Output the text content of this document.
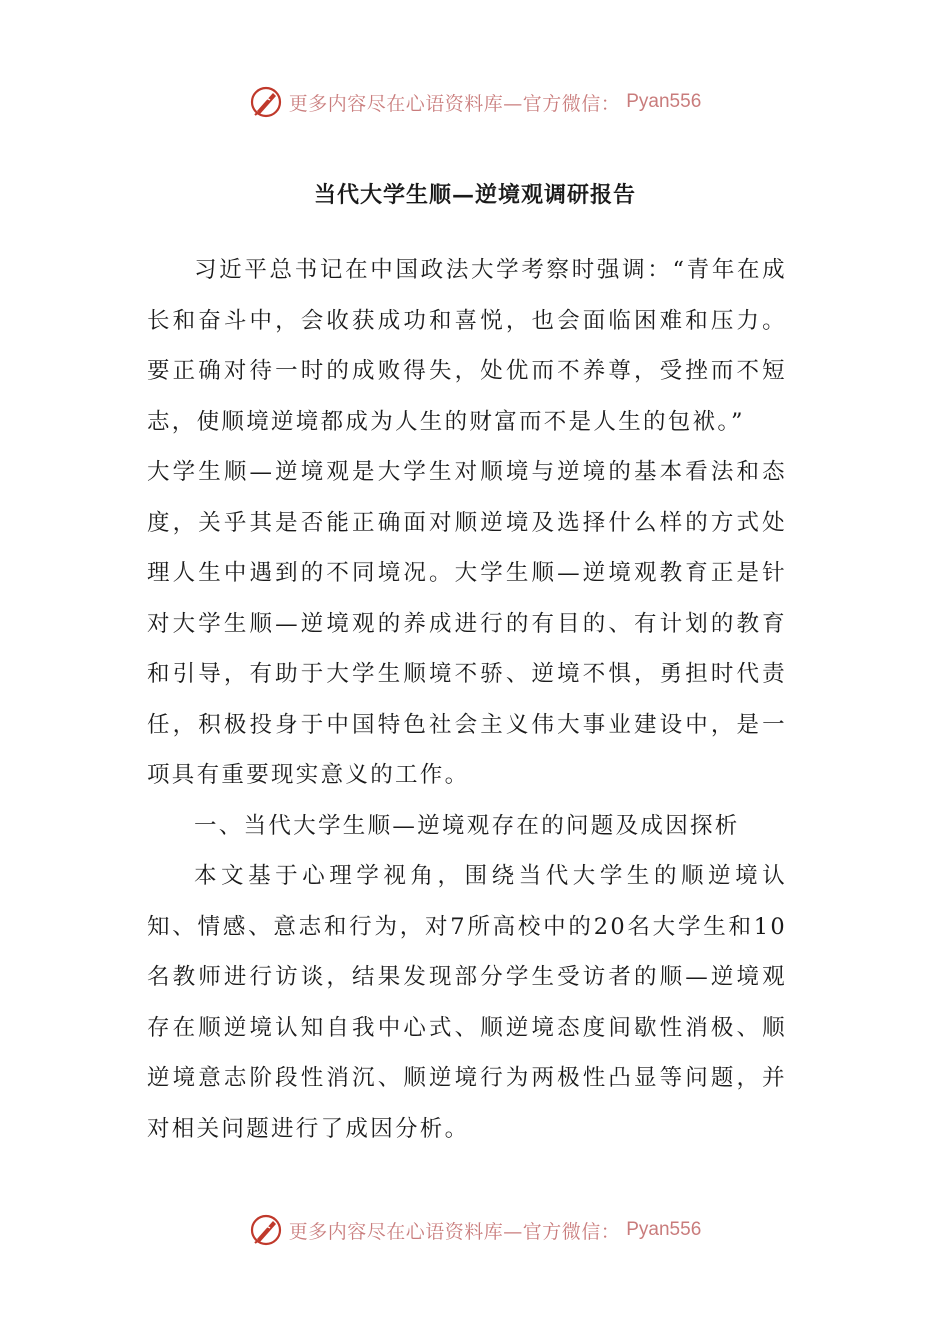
更多内容尽在心语资料库—官方微信： Pyan556
当代大学生顺—逆境观调研报告

习近平总书记在中国政法大学考察时强调：“青年在成长和奋斗中，会收获成功和喜悦，也会面临困难和压力。要正确对待一时的成败得失，处优而不养尊，受挫而不短志，使顺境逆境都成为人生的财富而不是人生的包袱。”

大学生顺—逆境观是大学生对顺境与逆境的基本看法和态度，关乎其是否能正确面对顺逆境及选择什么样的方式处理人生中遇到的不同境况。大学生顺—逆境观教育正是针对大学生顺—逆境观的养成进行的有目的、有计划的教育和引导，有助于大学生顺境不骄、逆境不惧，勇担时代责任，积极投身于中国特色社会主义伟大事业建设中，是一项具有重要现实意义的工作。

一、当代大学生顺—逆境观存在的问题及成因探析

本文基于心理学视角，围绕当代大学生的顺逆境认知、情感、意志和行为，对7所高校中的20名大学生和10名教师进行访谈，结果发现部分学生受访者的顺—逆境观存在顺逆境认知自我中心式、顺逆境态度间歇性消极、顺逆境意志阶段性消沉、顺逆境行为两极性凸显等问题，并对相关问题进行了成因分析。

更多内容尽在心语资料库—官方微信： Pyan556
